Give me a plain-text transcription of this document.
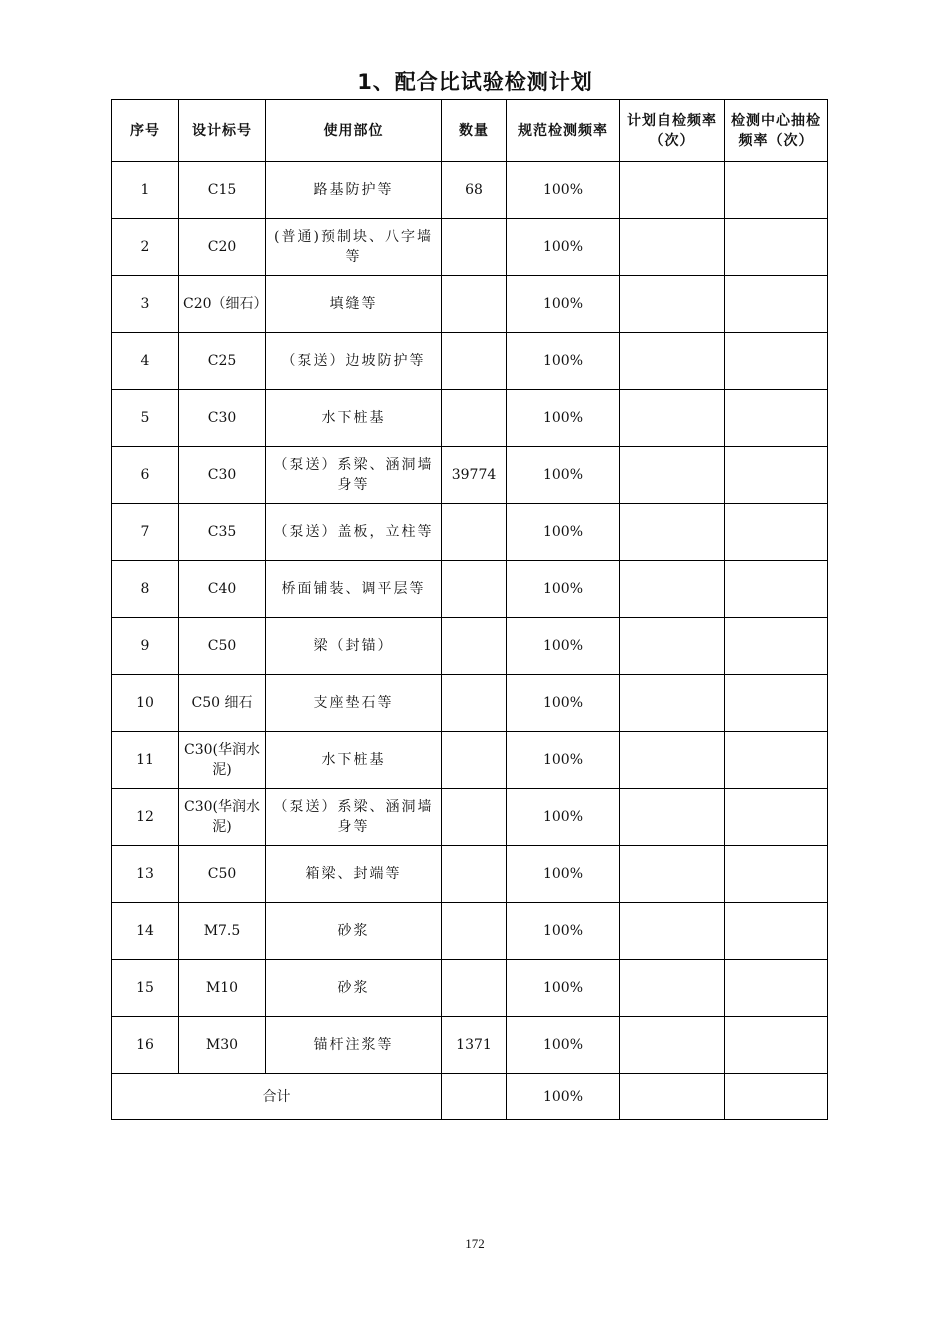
1、配合比试验检测计划
序号	设计标号	使用部位	数量	规范检测频率	计划自检频率（次）	检测中心抽检频率（次）
1	C15	路基防护等	68	100%		
2	C20	(普通)预制块、八字墙等		100%		
3	C20（细石）	填缝等		100%		
4	C25	（泵送）边坡防护等		100%		
5	C30	水下桩基		100%		
6	C30	（泵送）系梁、涵洞墙身等	39774	100%		
7	C35	（泵送）盖板，立柱等		100%		
8	C40	桥面铺装、调平层等		100%		
9	C50	梁（封锚）		100%		
10	C50 细石	支座垫石等		100%		
11	C30(华润水泥)	水下桩基		100%		
12	C30(华润水泥)	（泵送）系梁、涵洞墙身等		100%		
13	C50	箱梁、封端等		100%		
14	M7.5	砂浆		100%		
15	M10	砂浆		100%		
16	M30	锚杆注浆等	1371	100%		
合计				100%		
172
